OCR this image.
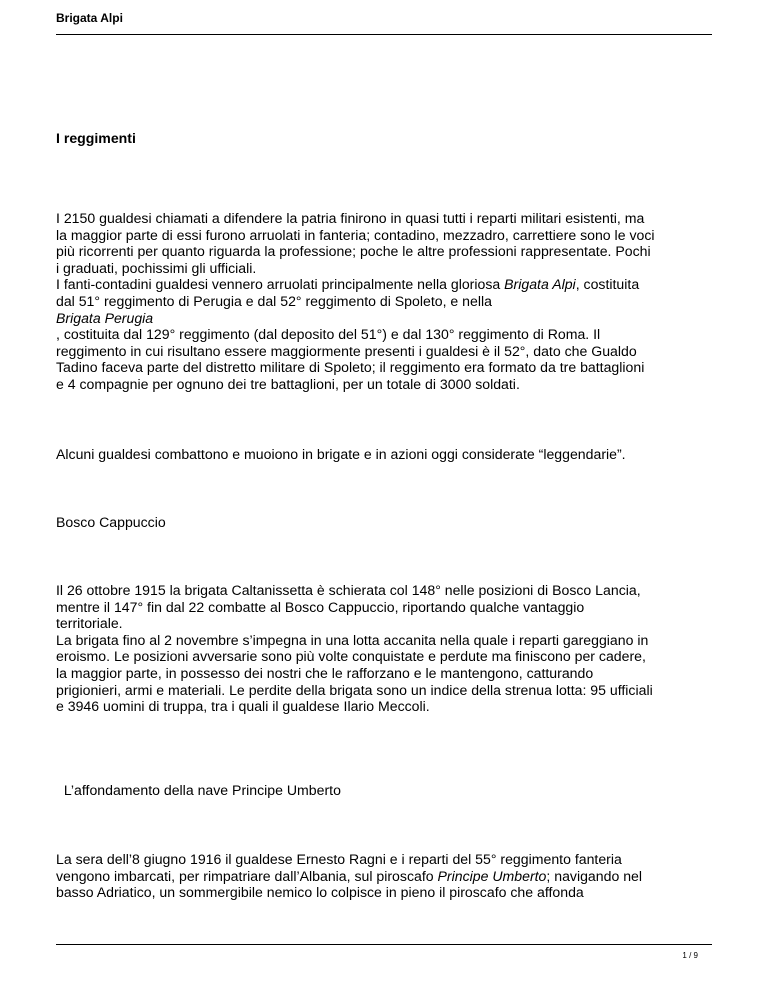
Brigata Alpi
I reggimenti
I 2150 gualdesi chiamati a difendere la patria finirono in quasi tutti i reparti militari esistenti, ma
la maggior parte di essi furono arruolati in fanteria; contadino, mezzadro, carrettiere sono le voci
più ricorrenti per quanto riguarda la professione; poche le altre professioni rappresentate. Pochi
i graduati, pochissimi gli ufficiali.
I fanti-contadini gualdesi vennero arruolati principalmente nella gloriosa Brigata Alpi, costituita
dal 51° reggimento di Perugia e dal 52° reggimento di Spoleto, e nella
Brigata Perugia
, costituita dal 129° reggimento (dal deposito del 51°) e dal 130° reggimento di Roma. Il
reggimento in cui risultano essere maggiormente presenti i gualdesi è il 52°, dato che Gualdo
Tadino faceva parte del distretto militare di Spoleto; il reggimento era formato da tre battaglioni
e 4 compagnie per ognuno dei tre battaglioni, per un totale di 3000 soldati.
Alcuni gualdesi combattono e muoiono in brigate e in azioni oggi considerate “leggendarie”.
Bosco Cappuccio
Il 26 ottobre 1915 la brigata Caltanissetta è schierata col 148° nelle posizioni di Bosco Lancia,
mentre il 147° fin dal 22 combatte al Bosco Cappuccio, riportando qualche vantaggio
territoriale.
La brigata fino al 2 novembre s’impegna in una lotta accanita nella quale i reparti gareggiano in
eroismo. Le posizioni avversarie sono più volte conquistate e perdute ma finiscono per cadere,
la maggior parte, in possesso dei nostri che le rafforzano e le mantengono, catturando
prigionieri, armi e materiali. Le perdite della brigata sono un indice della strenua lotta: 95 ufficiali
e 3946 uomini di truppa, tra i quali il gualdese Ilario Meccoli.
L’affondamento della nave Principe Umberto
La sera dell’8 giugno 1916 il gualdese Ernesto Ragni e i reparti del 55° reggimento fanteria
vengono imbarcati, per rimpatriare dall’Albania, sul piroscafo Principe Umberto; navigando nel
basso Adriatico, un sommergibile nemico lo colpisce in pieno il piroscafo che affonda
1 / 9
